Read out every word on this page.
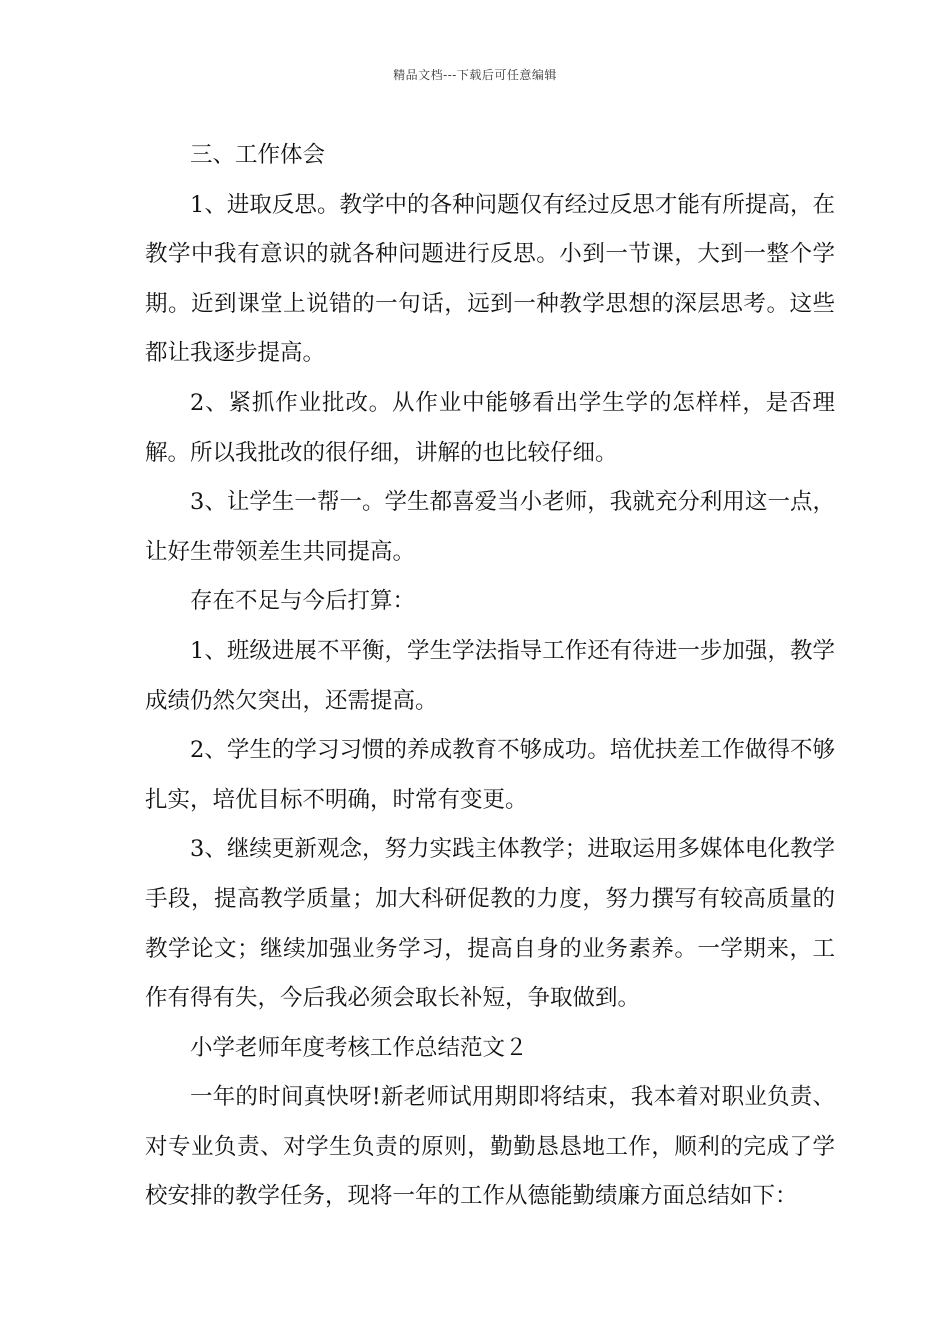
精品文档---下载后可任意编辑

三、工作体会

1、进取反思。教学中的各种问题仅有经过反思才能有所提高，在教学中我有意识的就各种问题进行反思。小到一节课，大到一整个学期。近到课堂上说错的一句话，远到一种教学思想的深层思考。这些都让我逐步提高。

2、紧抓作业批改。从作业中能够看出学生学的怎样样，是否理解。所以我批改的很仔细，讲解的也比较仔细。

3、让学生一帮一。学生都喜爱当小老师，我就充分利用这一点，让好生带领差生共同提高。

存在不足与今后打算：

1、班级进展不平衡，学生学法指导工作还有待进一步加强，教学成绩仍然欠突出，还需提高。

2、学生的学习习惯的养成教育不够成功。培优扶差工作做得不够扎实，培优目标不明确，时常有变更。

3、继续更新观念，努力实践主体教学；进取运用多媒体电化教学手段，提高教学质量；加大科研促教的力度，努力撰写有较高质量的教学论文；继续加强业务学习，提高自身的业务素养。一学期来，工作有得有失，今后我必须会取长补短，争取做到。

小学老师年度考核工作总结范文２

一年的时间真快呀!新老师试用期即将结束，我本着对职业负责、对专业负责、对学生负责的原则，勤勤恳恳地工作，顺利的完成了学校安排的教学任务，现将一年的工作从德能勤绩廉方面总结如下：
